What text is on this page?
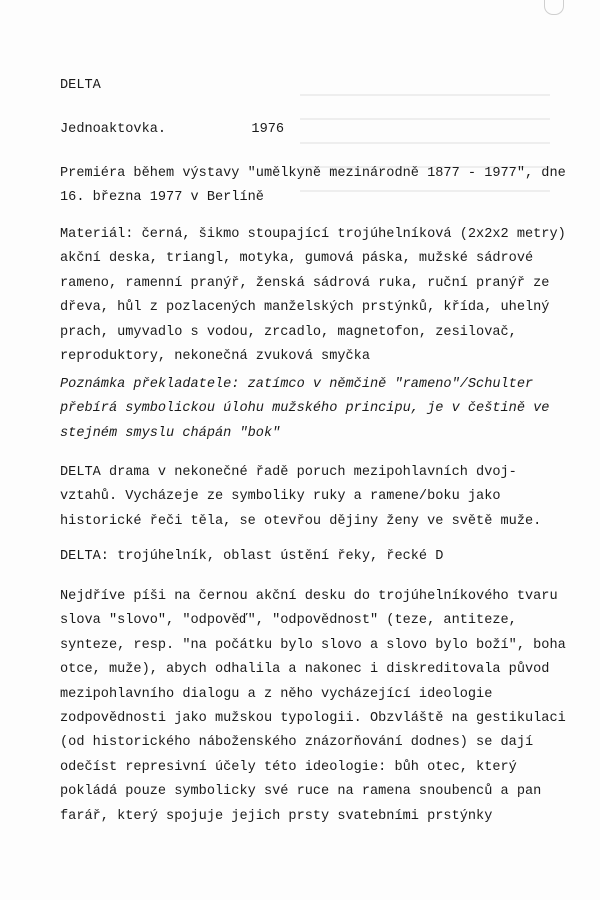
DELTA
Jednoaktovka.	1976
Premiéra během výstavy "umělkyně mezinárodně 1877 - 1977", dne
16. března 1977 v Berlíně
Materiál: černá, šikmo stoupající trojúhelníková (2x2x2 metry)
akční deska, triangl, motyka, gumová páska, mužské sádrové
rameno, ramenní pranýř, ženská sádrová ruka, ruční pranýř ze
dřeva, hůl z pozlacených manželských prstýnků, křída, uhelný
prach, umyvadlo s vodou, zrcadlo, magnetofon, zesilovač,
reproduktory, nekonečná zvuková smyčka
Poznámka překladatele: zatímco v němčině "rameno"/Schulter
přebírá symbolickou úlohu mužského principu, je v češtině ve
stejném smyslu chápán "bok"
DELTA drama v nekonečné řadě poruch mezipohlavních dvoj-
vztahů. Vycházeje ze symboliky ruky a ramene/boku jako
historické řeči těla, se otevřou dějiny ženy ve světě muže.
DELTA: trojúhelník, oblast ústění řeky, řecké D
Nejdříve píši na černou akční desku do trojúhelníkového tvaru
slova "slovo", "odpověď", "odpovědnost" (teze, antiteze,
synteze, resp. "na počátku bylo slovo a slovo bylo boží", boha
otce, muže), abych odhalila a nakonec i diskreditovala původ
mezipohlavního dialogu a z něho vycházející ideologie
zodpovědnosti jako mužskou typologii. Obzvláště na gestikulaci
(od historického náboženského znázorňování dodnes) se dají
odečíst represivní účely této ideologie: bůh otec, který
pokládá pouze symbolicky své ruce na ramena snoubenců a pan
farář, který spojuje jejich prsty svatebními prstýnky
